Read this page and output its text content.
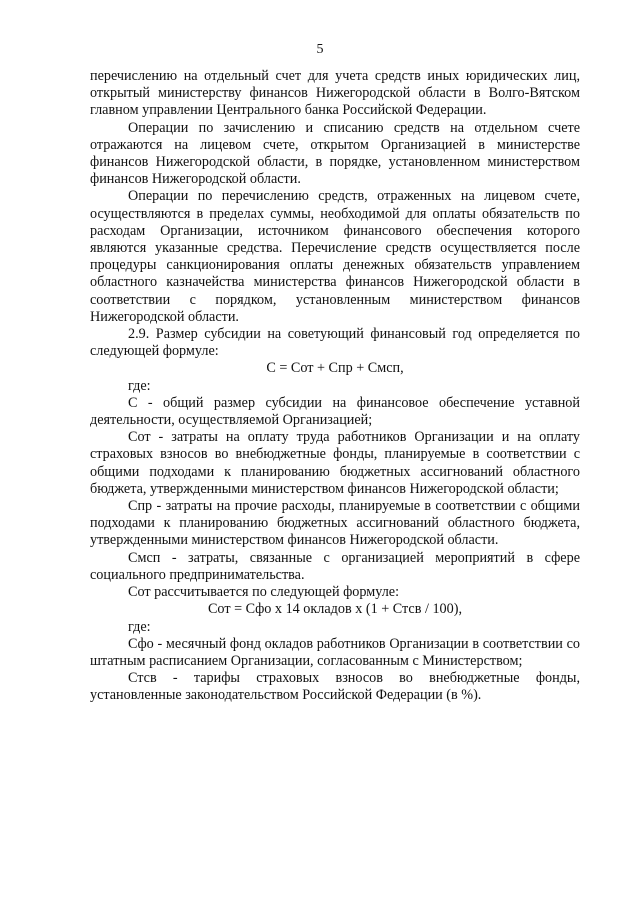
5

перечислению на отдельный счет для учета средств иных юридических лиц, открытый министерству финансов Нижегородской области в Волго-Вятском главном управлении Центрального банка Российской Федерации.

Операции по зачислению и списанию средств на отдельном счете отражаются на лицевом счете, открытом Организацией в министерстве финансов Нижегородской области, в порядке, установленном министерством финансов Нижегородской области.

Операции по перечислению средств, отраженных на лицевом счете, осуществляются в пределах суммы, необходимой для оплаты обязательств по расходам Организации, источником финансового обеспечения которого являются указанные средства. Перечисление средств осуществляется после процедуры санкционирования оплаты денежных обязательств управлением областного казначейства министерства финансов Нижегородской области в соответствии с порядком, установленным министерством финансов Нижегородской области.

2.9. Размер субсидии на советующий финансовый год определяется по следующей формуле:

С = Сот + Спр + Смсп,

где:

С - общий размер субсидии на финансовое обеспечение уставной деятельности, осуществляемой Организацией;

Сот - затраты на оплату труда работников Организации и на оплату страховых взносов во внебюджетные фонды, планируемые в соответствии с общими подходами к планированию бюджетных ассигнований областного бюджета, утвержденными министерством финансов Нижегородской области;

Спр - затраты на прочие расходы, планируемые в соответствии с общими подходами к планированию бюджетных ассигнований областного бюджета, утвержденными министерством финансов Нижегородской области.

Смсп - затраты, связанные с организацией мероприятий в сфере социального предпринимательства.

Сот рассчитывается по следующей формуле:

Сот = Сфо х 14 окладов х (1 + Стсв / 100),

где:

Сфо - месячный фонд окладов работников Организации в соответствии со штатным расписанием Организации, согласованным с Министерством;

Стсв - тарифы страховых взносов во внебюджетные фонды, установленные законодательством Российской Федерации (в %).
